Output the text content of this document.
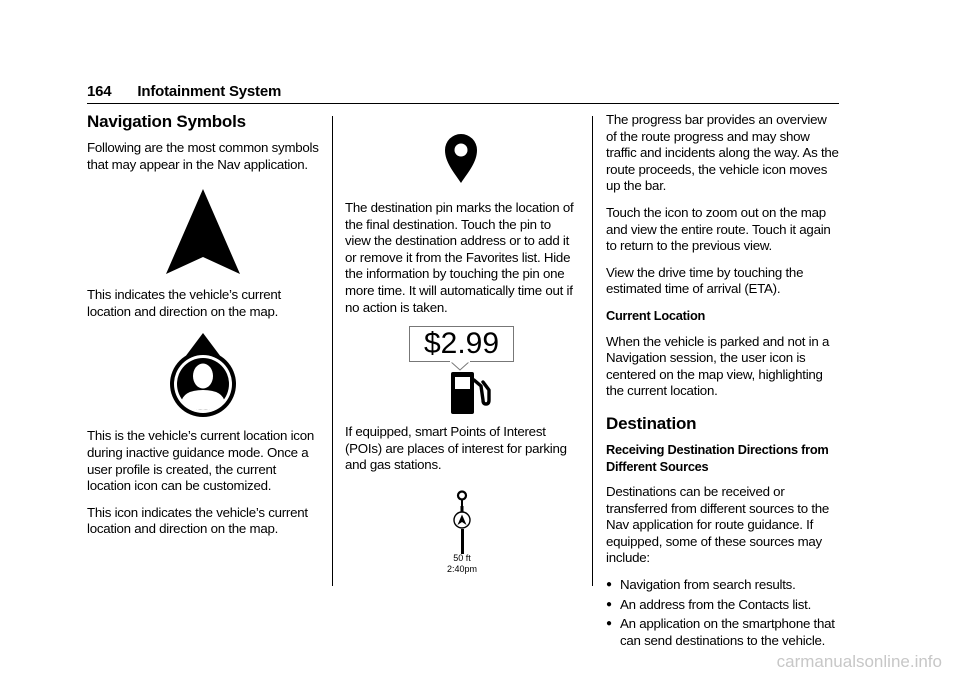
164 Infotainment System
Navigation Symbols

Following are the most common symbols that may appear in the Nav application.

This indicates the vehicle’s current location and direction on the map.

This is the vehicle’s current location icon during inactive guidance mode. Once a user profile is created, the current location icon can be customized.

This icon indicates the vehicle’s current location and direction on the map.

The destination pin marks the location of the final destination. Touch the pin to view the destination address or to add it or remove it from the Favorites list. Hide the information by touching the pin one more time. It will automatically time out if no action is taken.

$2.99

If equipped, smart Points of Interest (POIs) are places of interest for parking and gas stations.

50 ft
2:40pm

The progress bar provides an overview of the route progress and may show traffic and incidents along the way. As the route proceeds, the vehicle icon moves up the bar.

Touch the icon to zoom out on the map and view the entire route. Touch it again to return to the previous view.

View the drive time by touching the estimated time of arrival (ETA).

Current Location

When the vehicle is parked and not in a Navigation session, the user icon is centered on the map view, highlighting the current location.

Destination
Receiving Destination Directions from Different Sources

Destinations can be received or transferred from different sources to the Nav application for route guidance. If equipped, some of these sources may include:

● Navigation from search results.
● An address from the Contacts list.
● An application on the smartphone that can send destinations to the vehicle.
carmanualsonline.info
